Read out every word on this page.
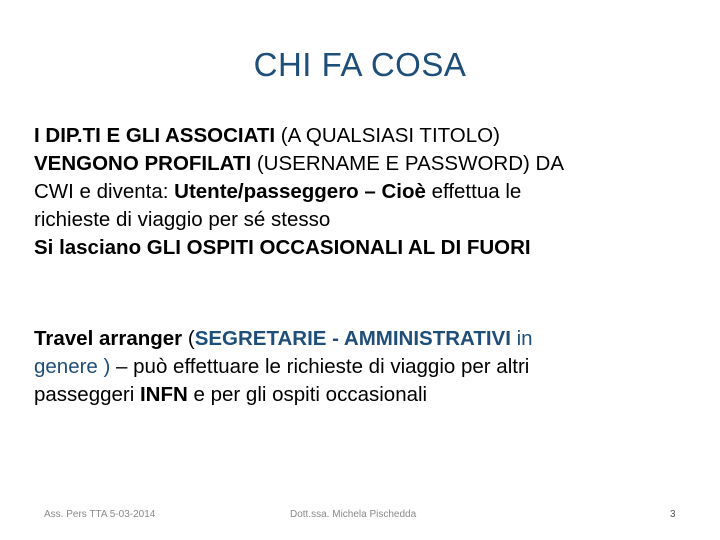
CHI FA COSA
I DIP.TI E GLI ASSOCIATI (A QUALSIASI TITOLO)
VENGONO PROFILATI (USERNAME E PASSWORD) DA
CWI e diventa: Utente/passeggero – Cioè effettua le
richieste di viaggio per sé stesso
Si lasciano GLI OSPITI OCCASIONALI AL DI FUORI
Travel arranger (SEGRETARIE - AMMINISTRATIVI in
genere ) – può effettuare le richieste di viaggio per altri
passeggeri INFN e per gli ospiti occasionali
Ass. Pers TTA 5-03-2014	Dott.ssa. Michela Pischedda	3
